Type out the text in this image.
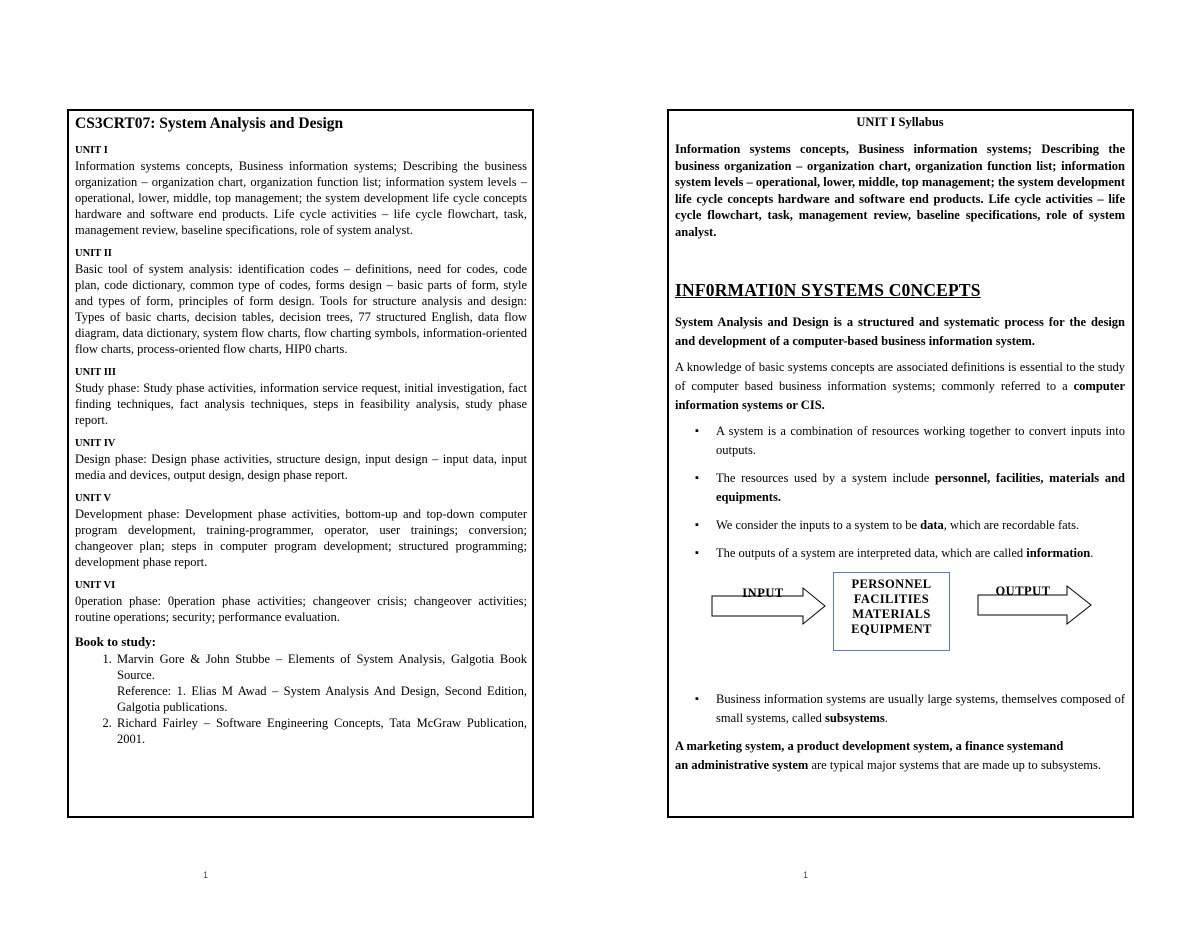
CS3CRT07: System Analysis and Design
UNIT I

Information systems concepts, Business information systems; Describing the business organization – organization chart, organization function list; information system levels – operational, lower, middle, top management; the system development life cycle concepts hardware and software end products. Life cycle activities – life cycle flowchart, task, management review, baseline specifications, role of system analyst.

UNIT II

Basic tool of system analysis: identification codes – definitions, need for codes, code plan, code dictionary, common type of codes, forms design – basic parts of form, style and types of form, principles of form design. Tools for structure analysis and design: Types of basic charts, decision tables, decision trees, 77 structured English, data flow diagram, data dictionary, system flow charts, flow charting symbols, information-oriented flow charts, process-oriented flow charts, HIP0 charts.

UNIT III

Study phase: Study phase activities, information service request, initial investigation, fact finding techniques, fact analysis techniques, steps in feasibility analysis, study phase report.

UNIT IV

Design phase: Design phase activities, structure design, input design – input data, input media and devices, output design, design phase report.

UNIT V

Development phase: Development phase activities, bottom-up and top-down computer program development, training-programmer, operator, user trainings; conversion; changeover plan; steps in computer program development; structured programming; development phase report.

UNIT VI

0peration phase: 0peration phase activities; changeover crisis; changeover activities; routine operations; security; performance evaluation.

Book to study:
1. Marvin Gore & John Stubbe – Elements of System Analysis, Galgotia Book Source.
Reference: 1. Elias M Awad – System Analysis And Design, Second Edition, Galgotia publications.
2. Richard Fairley – Software Engineering Concepts, Tata McGraw Publication, 2001.
UNIT I Syllabus

Information systems concepts, Business information systems; Describing the business organization – organization chart, organization function list; information system levels – operational, lower, middle, top management; the system development life cycle concepts hardware and software end products. Life cycle activities – life cycle flowchart, task, management review, baseline specifications, role of system analyst.

INF0RMATI0N SYSTEMS C0NCEPTS

System Analysis and Design is a structured and systematic process for the design and development of a computer-based business information system.

A knowledge of basic systems concepts are associated definitions is essential to the study of computer based business information systems; commonly referred to a computer information systems or CIS.

▪ A system is a combination of resources working together to convert inputs into outputs.
▪ The resources used by a system include personnel, facilities, materials and equipments.
▪ We consider the inputs to a system to be data, which are recordable fats.
▪ The outputs of a system are interpreted data, which are called information.
INPUT
PERSONNEL
FACILITIES
MATERIALS
EQUIPMENT
OUTPUT
▪ Business information systems are usually large systems, themselves composed of small systems, called subsystems.

A marketing system, a product development system, a finance systemand
an administrative system are typical major systems that are made up to subsystems.

1	1
